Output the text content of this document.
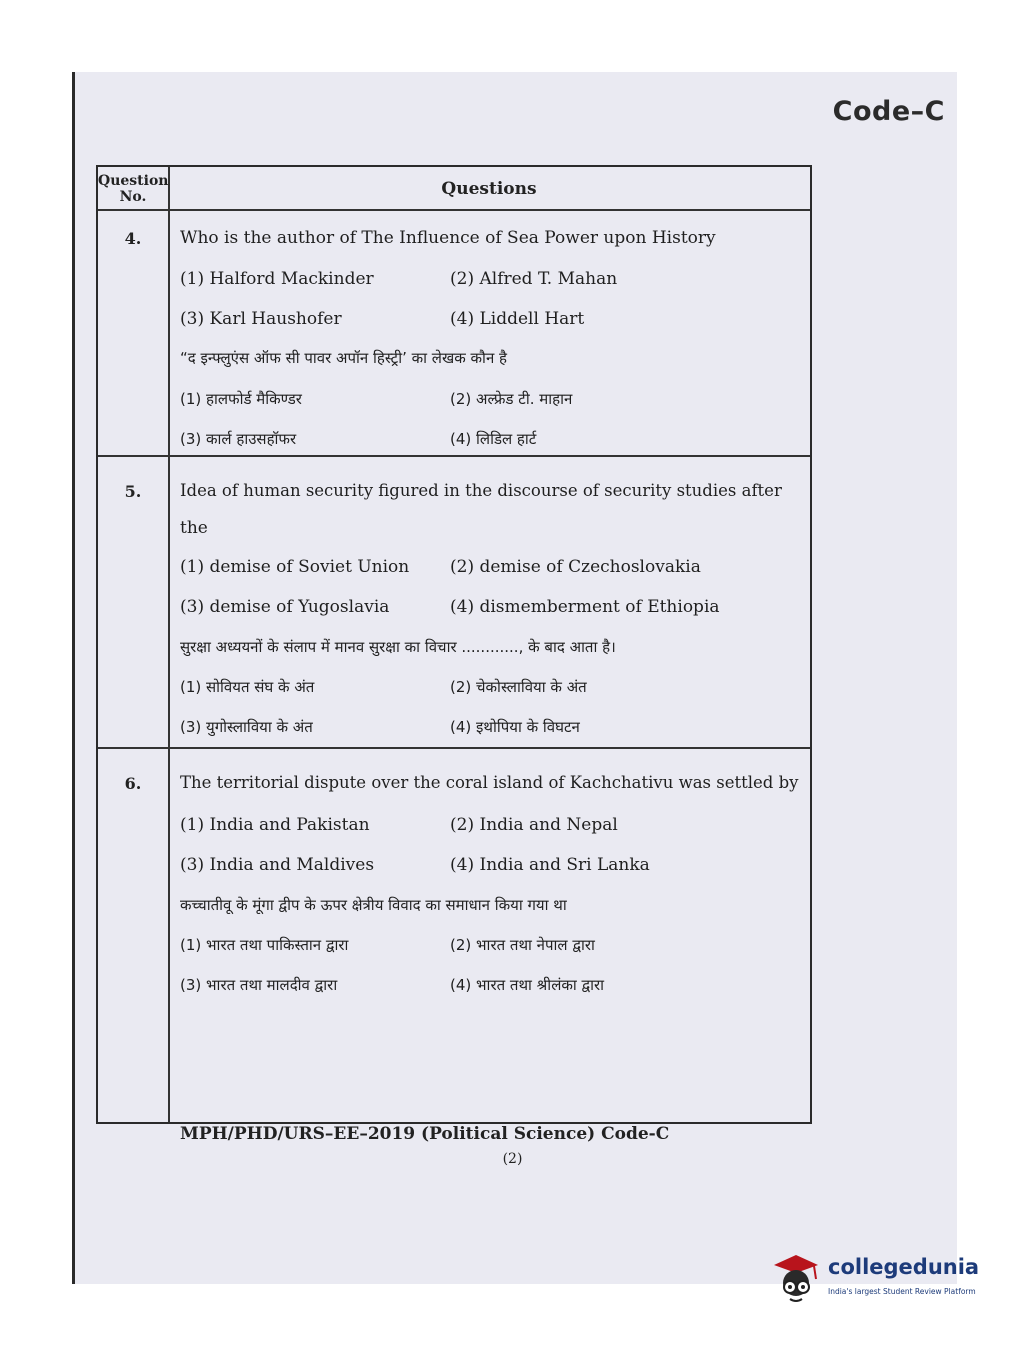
Code–C
Question No.	Questions
4.	Who is the author of The Influence of Sea Power upon History
(1) Halford Mackinder	(2) Alfred T. Mahan
(3) Karl Haushofer	(4) Liddell Hart
“द इन्फ्लुएंस ऑफ सी पावर अपॉन हिस्ट्री’ का लेखक कौन है
(1) हालफोर्ड मैकिण्डर	(2) अल्फ्रेड टी. माहान
(3) कार्ल हाउसहॉफर	(4) लिडिल हार्ट
5.	Idea of human security figured in the discourse of security studies after
the
(1) demise of Soviet Union (2) demise of Czechoslovakia
(3) demise of Yugoslavia	(4) dismemberment of Ethiopia
सुरक्षा अध्ययनों के संलाप में मानव सुरक्षा का विचार ............, के बाद आता है।
(1) सोवियत संघ के अंत	(2) चेकोस्लाविया के अंत
(3) युगोस्लाविया के अंत	(4) इथोपिया के विघटन
6.	The territorial dispute over the coral island of Kachchativu was settled by
(1) India and Pakistan	(2) India and Nepal
(3) India and Maldives	(4) India and Sri Lanka
कच्चातीवू के मूंगा द्वीप के ऊपर क्षेत्रीय विवाद का समाधान किया गया था
(1) भारत तथा पाकिस्तान द्वारा	(2) भारत तथा नेपाल द्वारा
(3) भारत तथा मालदीव द्वारा	(4) भारत तथा श्रीलंका द्वारा
MPH/PHD/URS–EE–2019 (Political Science) Code-C
(2)
collegedunia
India's largest Student Review Platform
